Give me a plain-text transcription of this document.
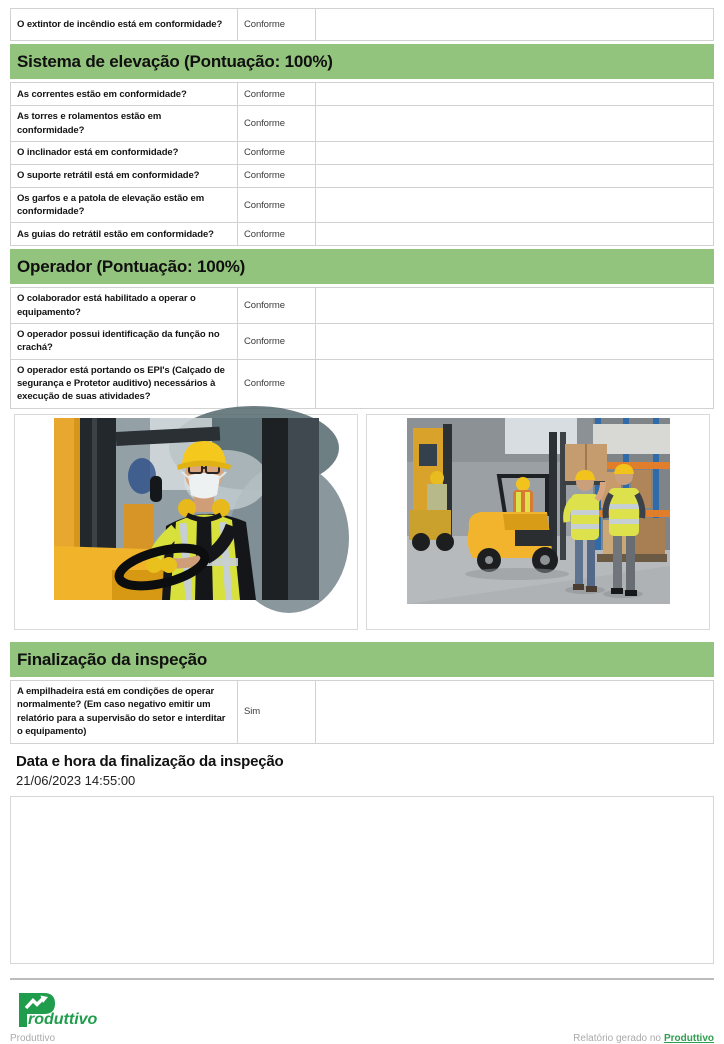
O extintor de incêndio está em conformidade?	Conforme	
Sistema de elevação (Pontuação: 100%)
As correntes estão em conformidade?	Conforme	
As torres e rolamentos estão em conformidade?	Conforme	
O inclinador está em conformidade?	Conforme	
O suporte retrátil está em conformidade?	Conforme	
Os garfos e a patola de elevação estão em conformidade?	Conforme	
As guias do retrátil estão em conformidade?	Conforme	
Operador (Pontuação: 100%)
O colaborador está habilitado a operar o equipamento?	Conforme	
O operador possui identificação da função no crachá?	Conforme	
O operador está portando os EPI's (Calçado de segurança e Protetor auditivo) necessários à execução de suas atividades?	Conforme	
Finalização da inspeção
A empilhadeira está em condições de operar normalmente? (Em caso negativo emitir um relatório para a supervisão do setor e interditar o equipamento)	Sim	
Data e hora da finalização da inspeção
21/06/2023 14:55:00
roduttivo
Produttivo	Relatório gerado no Produttivo
